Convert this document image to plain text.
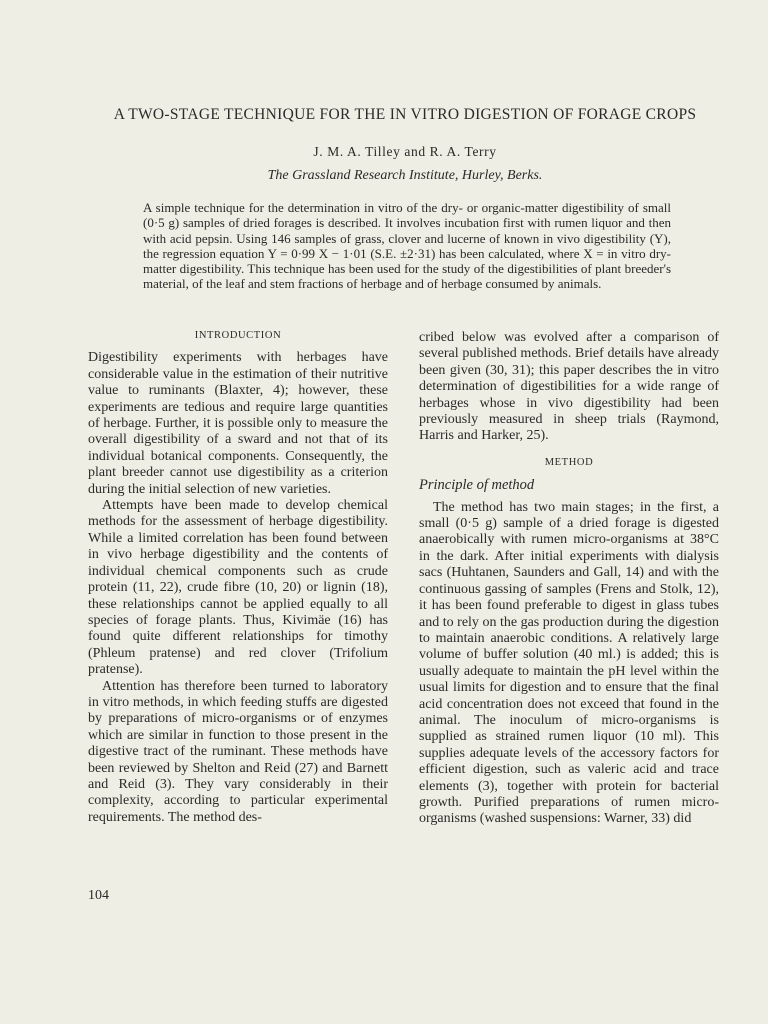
A TWO-STAGE TECHNIQUE FOR THE IN VITRO DIGESTION OF FORAGE CROPS
J. M. A. Tilley and R. A. Terry
The Grassland Research Institute, Hurley, Berks.
A simple technique for the determination in vitro of the dry- or organic-matter digestibility of small (0·5 g) samples of dried forages is described. It involves incubation first with rumen liquor and then with acid pepsin. Using 146 samples of grass, clover and lucerne of known in vivo digestibility (Y), the regression equation Y = 0·99 X − 1·01 (S.E. ±2·31) has been calculated, where X = in vitro dry-matter digestibility. This technique has been used for the study of the digestibilities of plant breeder's material, of the leaf and stem fractions of herbage and of herbage consumed by animals.
INTRODUCTION

Digestibility experiments with herbages have considerable value in the estimation of their nutritive value to ruminants (Blaxter, 4); however, these experiments are tedious and require large quantities of herbage. Further, it is possible only to measure the overall digestibility of a sward and not that of its individual botanical components. Consequently, the plant breeder cannot use digestibility as a criterion during the initial selection of new varieties.

Attempts have been made to develop chemical methods for the assessment of herbage digestibility. While a limited correlation has been found between in vivo herbage digestibility and the contents of individual chemical components such as crude protein (11, 22), crude fibre (10, 20) or lignin (18), these relationships cannot be applied equally to all species of forage plants. Thus, Kivimäe (16) has found quite different relationships for timothy (Phleum pratense) and red clover (Trifolium pratense).

Attention has therefore been turned to laboratory in vitro methods, in which feeding stuffs are digested by preparations of micro-organisms or of enzymes which are similar in function to those present in the digestive tract of the ruminant. These methods have been reviewed by Shelton and Reid (27) and Barnett and Reid (3). They vary considerably in their complexity, according to particular experimental requirements. The method des-

cribed below was evolved after a comparison of several published methods. Brief details have already been given (30, 31); this paper describes the in vitro determination of digestibilities for a wide range of herbages whose in vivo digestibility had been previously measured in sheep trials (Raymond, Harris and Harker, 25).

METHOD
Principle of method

The method has two main stages; in the first, a small (0·5 g) sample of a dried forage is digested anaerobically with rumen micro-organisms at 38°C in the dark. After initial experiments with dialysis sacs (Huhtanen, Saunders and Gall, 14) and with the continuous gassing of samples (Frens and Stolk, 12), it has been found preferable to digest in glass tubes and to rely on the gas production during the digestion to maintain anaerobic conditions. A relatively large volume of buffer solution (40 ml.) is added; this is usually adequate to maintain the pH level within the usual limits for digestion and to ensure that the final acid concentration does not exceed that found in the animal. The inoculum of micro-organisms is supplied as strained rumen liquor (10 ml). This supplies adequate levels of the accessory factors for efficient digestion, such as valeric acid and trace elements (3), together with protein for bacterial growth. Purified preparations of rumen micro-organisms (washed suspensions: Warner, 33) did

104
